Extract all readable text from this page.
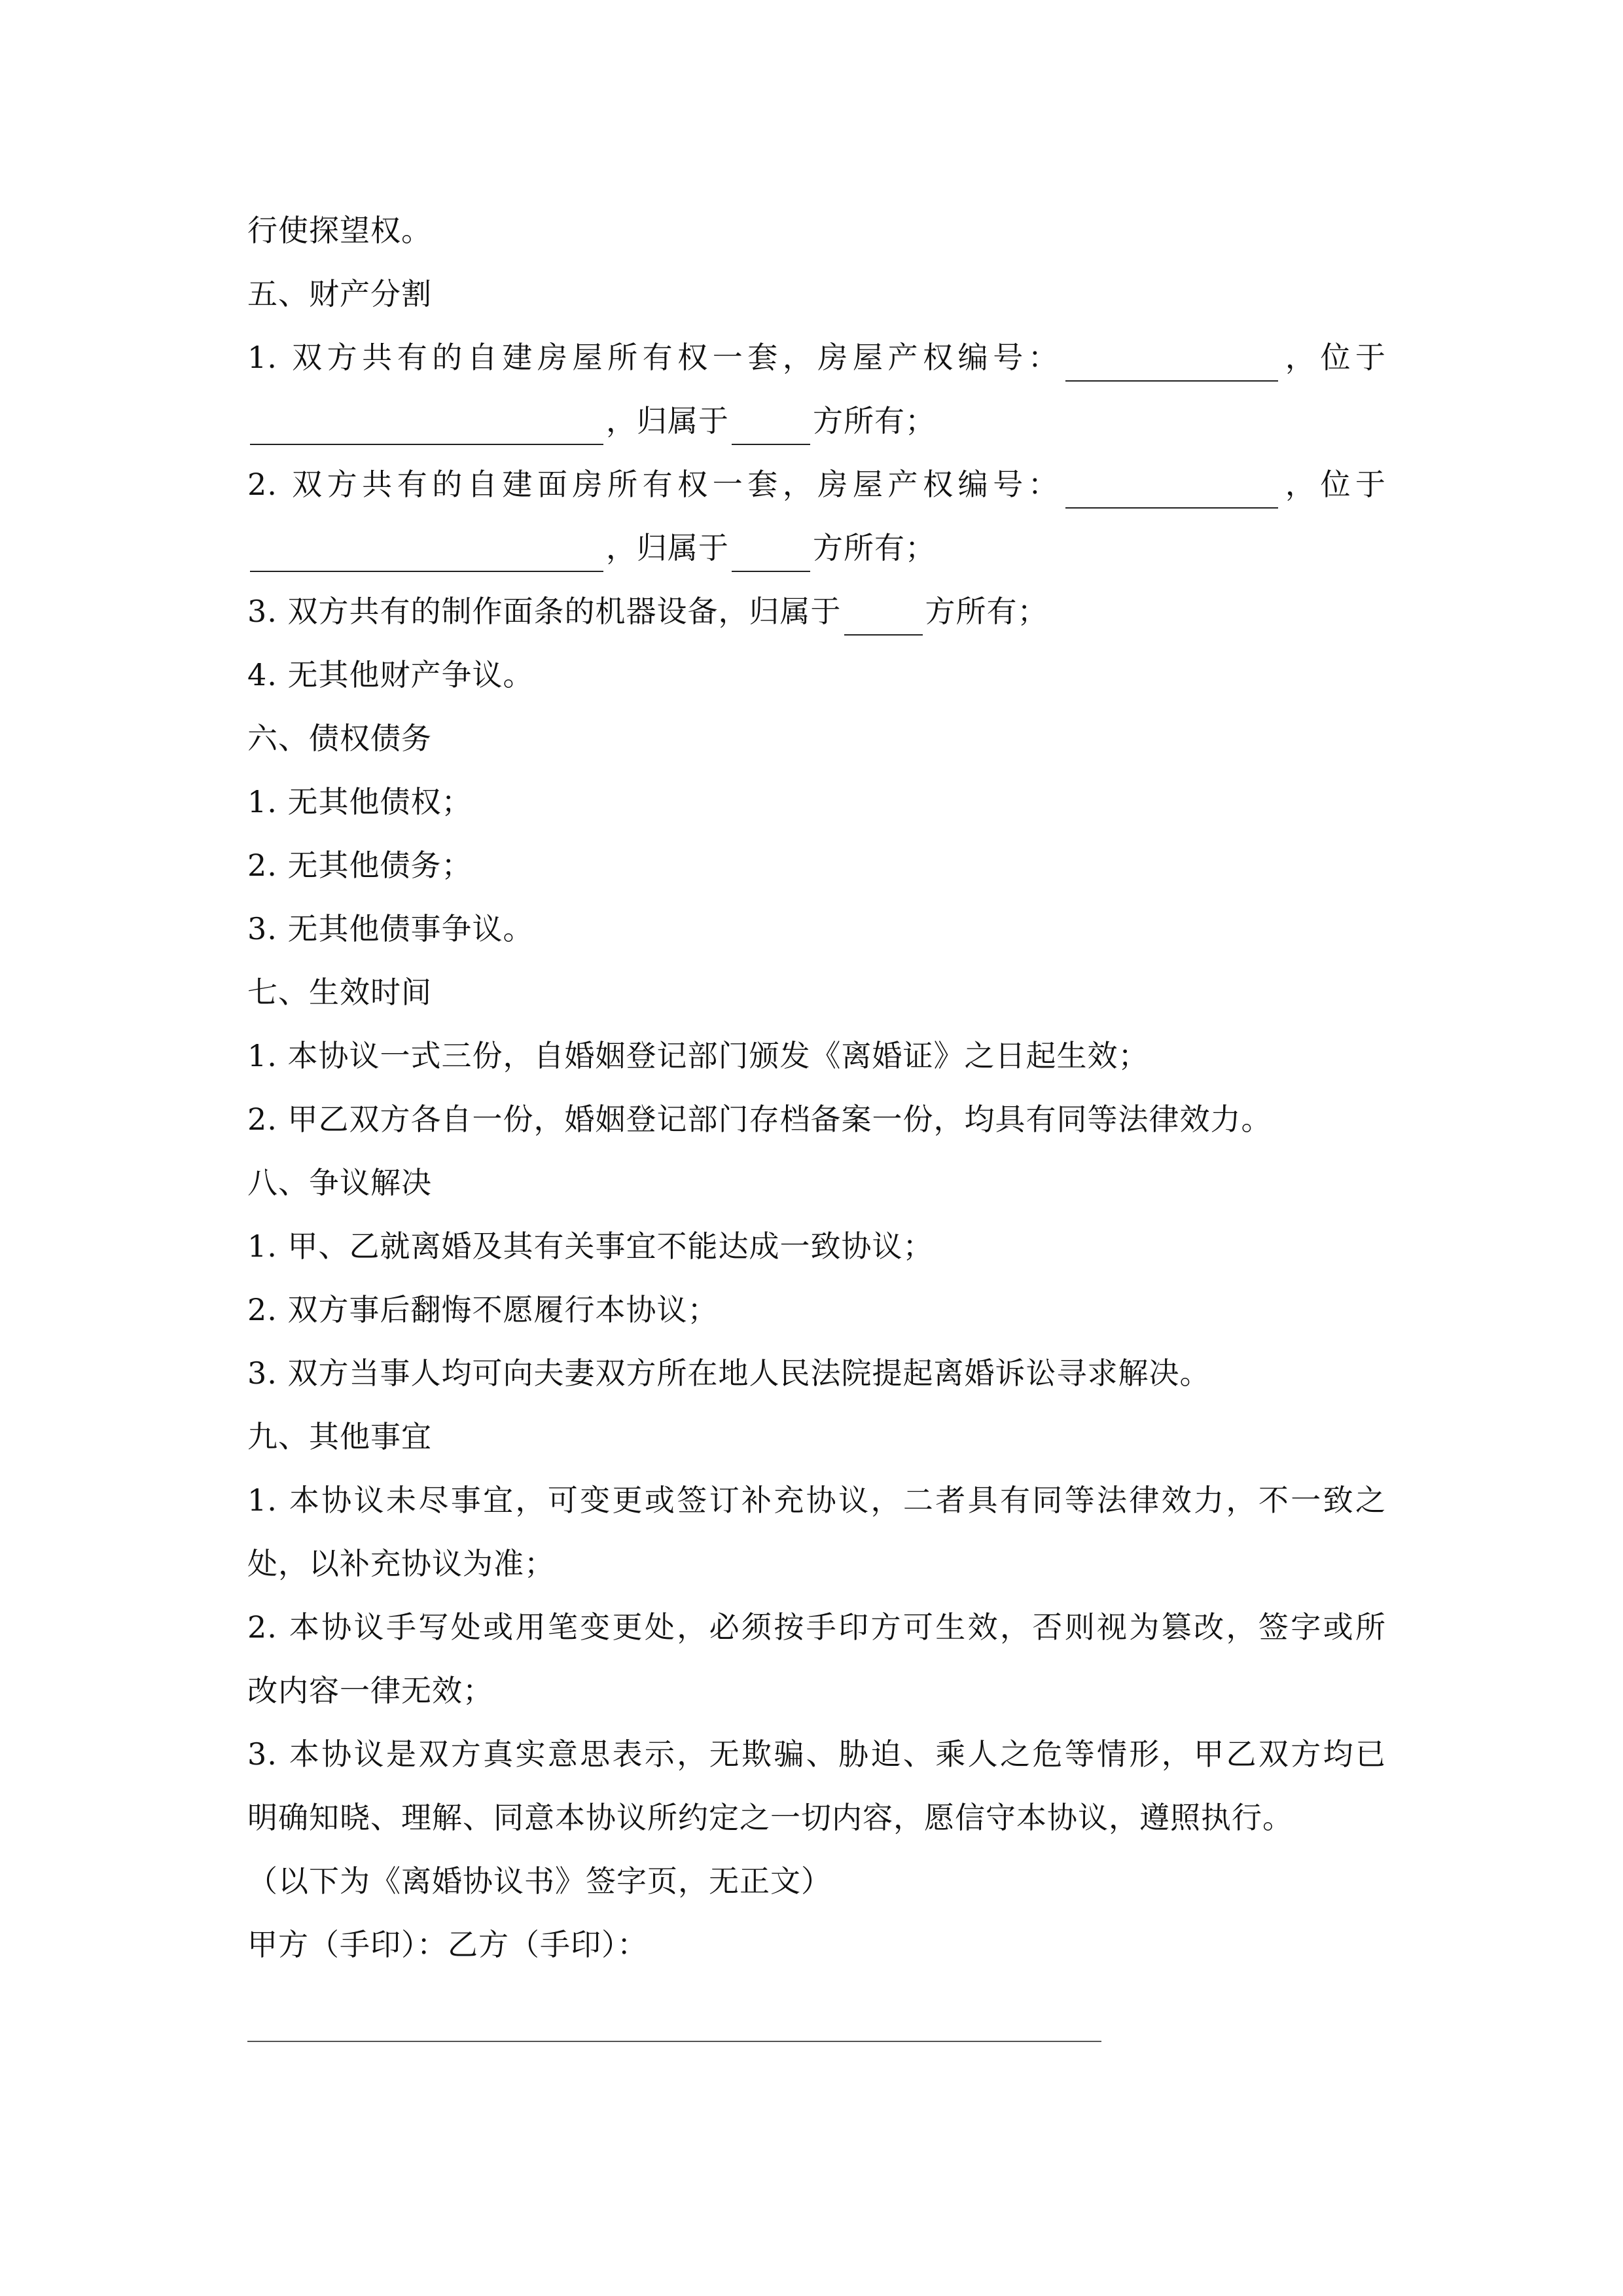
行使探望权。
五、财产分割
1. 双方共有的自建房屋所有权一套，房屋产权编号：	，位于
，归属于	方所有；
2. 双方共有的自建面房所有权一套，房屋产权编号：	，位于
，归属于	方所有；
3. 双方共有的制作面条的机器设备，归属于	方所有；
4. 无其他财产争议。
六、债权债务
1. 无其他债权；
2. 无其他债务；
3. 无其他债事争议。
七、生效时间
1. 本协议一式三份，自婚姻登记部门颁发《离婚证》之日起生效；
2. 甲乙双方各自一份，婚姻登记部门存档备案一份，均具有同等法律效力。
八、争议解决
1. 甲、乙就离婚及其有关事宜不能达成一致协议；
2. 双方事后翻悔不愿履行本协议；
3. 双方当事人均可向夫妻双方所在地人民法院提起离婚诉讼寻求解决。
九、其他事宜
1. 本协议未尽事宜，可变更或签订补充协议，二者具有同等法律效力，不一致之
处，以补充协议为准；
2. 本协议手写处或用笔变更处，必须按手印方可生效，否则视为篡改，签字或所
改内容一律无效；
3. 本协议是双方真实意思表示，无欺骗、胁迫、乘人之危等情形，甲乙双方均已
明确知晓、理解、同意本协议所约定之一切内容，愿信守本协议，遵照执行。
（以下为《离婚协议书》签字页，无正文）
甲方（手印）：乙方（手印）：
